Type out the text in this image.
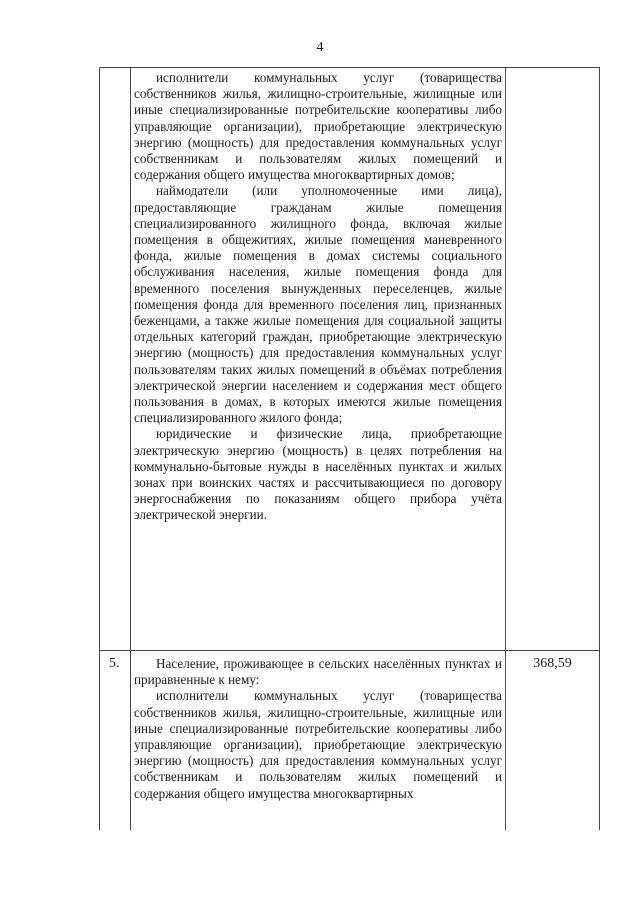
4

исполнители коммунальных услуг (товарищества собственников жилья, жилищно-строительные, жилищные или иные специализированные потребительские кооперативы либо управляющие организации), приобретающие электрическую энергию (мощность) для предоставления коммунальных услуг собственникам и пользователям жилых помещений и содержания общего имущества многоквартирных домов;

наймодатели (или уполномоченные ими лица), предоставляющие гражданам жилые помещения специализированного жилищного фонда, включая жилые помещения в общежитиях, жилые помещения маневренного фонда, жилые помещения в домах системы социального обслуживания населения, жилые помещения фонда для временного поселения вынужденных переселенцев, жилые помещения фонда для временного поселения лиц, признанных беженцами, а также жилые помещения для социальной защиты отдельных категорий граждан, приобретающие электрическую энергию (мощность) для предоставления коммунальных услуг пользователям таких жилых помещений в объёмах потребления электрической энергии населением и содержания мест общего пользования в домах, в которых имеются жилые помещения специализированного жилого фонда;

юридические и физические лица, приобретающие электрическую энергию (мощность) в целях потребления на коммунально-бытовые нужды в населённых пунктах и жилых зонах при воинских частях и рассчитывающиеся по договору энергоснабжения по показаниям общего прибора учёта электрической энергии.

5.	Население, проживающее в сельских населённых пунктах и приравненные к нему:

исполнители коммунальных услуг (товарищества собственников жилья, жилищно-строительные, жилищные или иные специализированные потребительские кооперативы либо управляющие организации), приобретающие электрическую энергию (мощность) для предоставления коммунальных услуг собственникам и пользователям жилых помещений и содержания общего имущества многоквартирных

368,59
